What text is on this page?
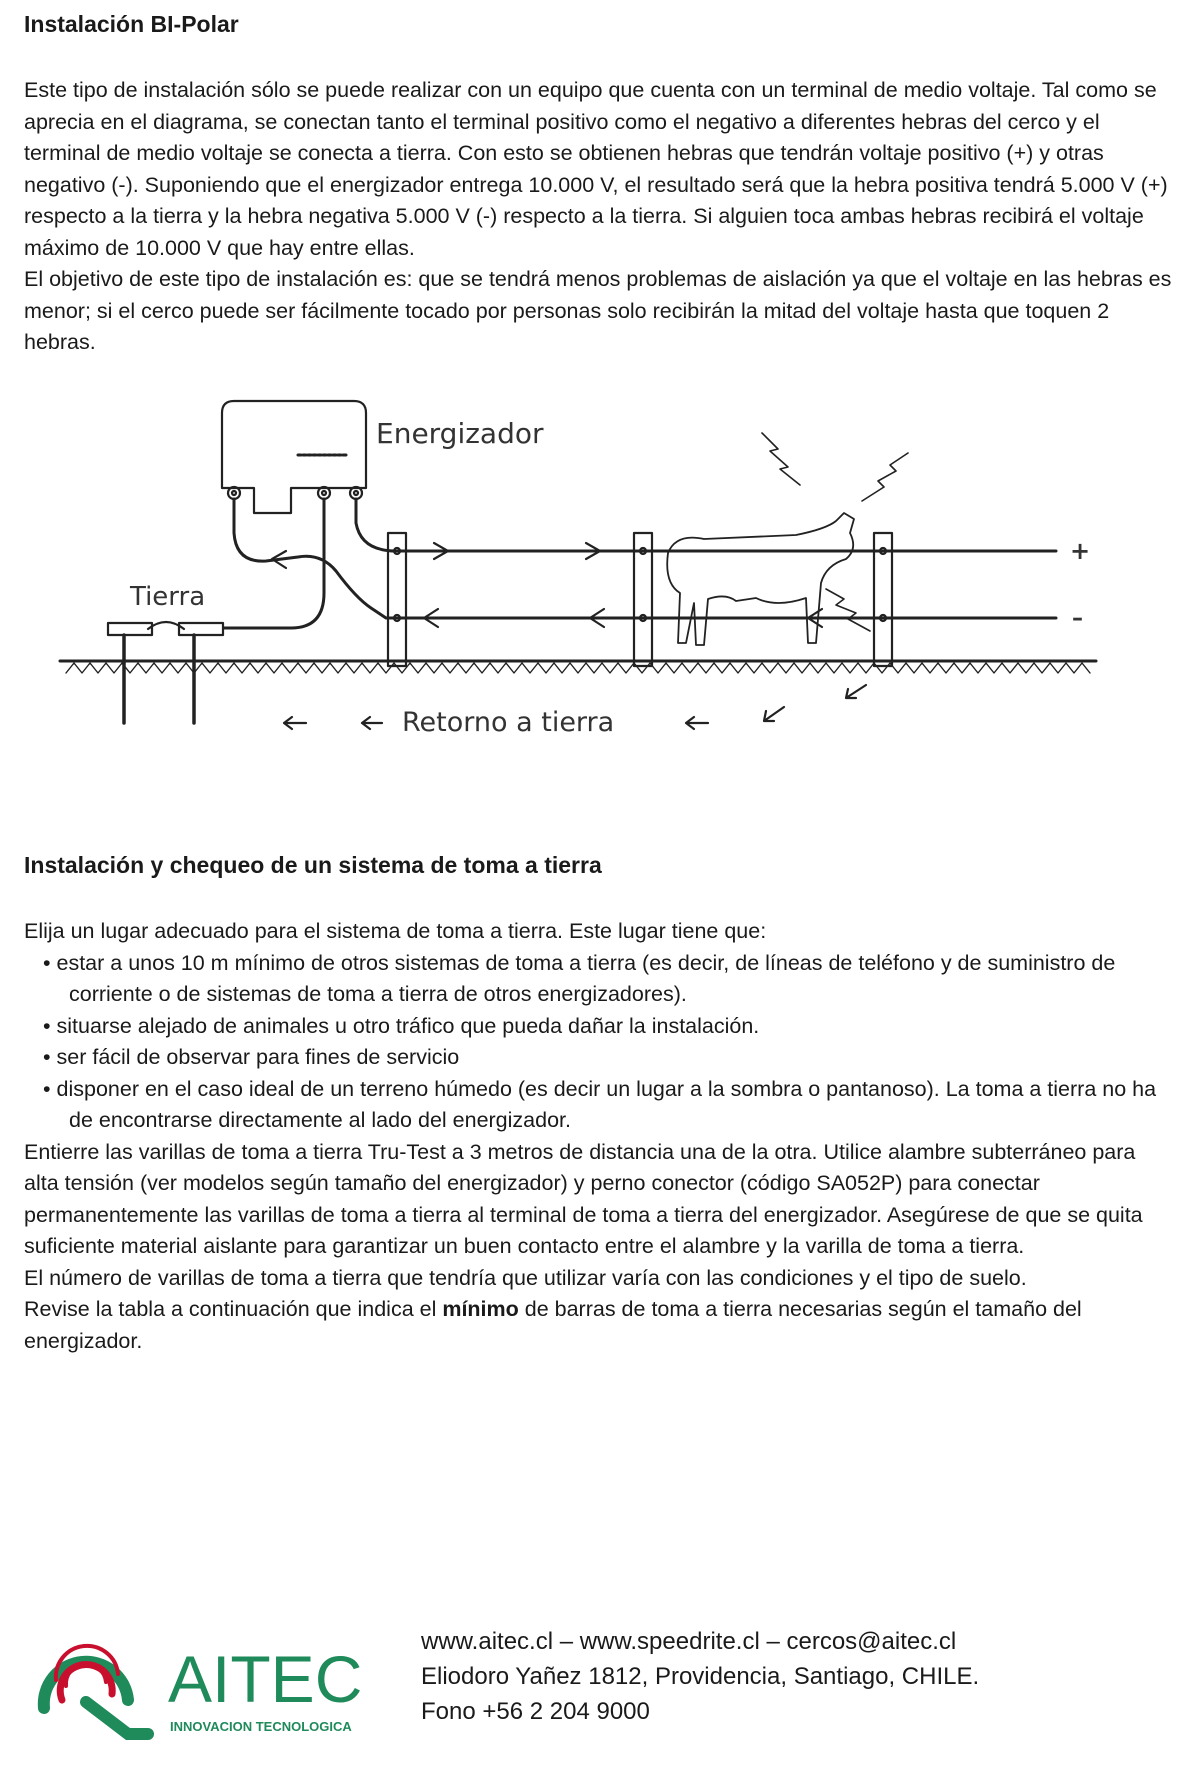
Instalación BI-Polar

Este tipo de instalación sólo se puede realizar con un equipo que cuenta con un terminal de medio voltaje. Tal como se aprecia en el diagrama, se conectan tanto el terminal positivo como el negativo a diferentes hebras del cerco y el terminal de medio voltaje se conecta a tierra. Con esto se obtienen hebras que tendrán voltaje positivo (+) y otras negativo (-). Suponiendo que el energizador entrega 10.000 V, el resultado será que la hebra positiva tendrá 5.000 V (+) respecto a la tierra y la hebra negativa 5.000 V (-) respecto a la tierra. Si alguien toca ambas hebras recibirá el voltaje máximo de 10.000 V que hay entre ellas.

El objetivo de este tipo de instalación es: que se tendrá menos problemas de aislación ya que el voltaje en las hebras es menor; si el cerco puede ser fácilmente tocado por personas solo recibirán la mitad del voltaje hasta que toquen 2 hebras.

Energizador
Tierra
Retorno a tierra
+
–
Instalación y chequeo de un sistema de toma a tierra

Elija un lugar adecuado para el sistema de toma a tierra. Este lugar tiene que:

• estar a unos 10 m mínimo de otros sistemas de toma a tierra (es decir, de líneas de teléfono y de suministro de corriente o de sistemas de toma a tierra de otros energizadores).

• situarse alejado de animales u otro tráfico que pueda dañar la instalación.

• ser fácil de observar para fines de servicio

• disponer en el caso ideal de un terreno húmedo (es decir un lugar a la sombra o pantanoso). La toma a tierra no ha de encontrarse directamente al lado del energizador.

Entierre las varillas de toma a tierra Tru-Test a 3 metros de distancia una de la otra. Utilice alambre subterráneo para alta tensión (ver modelos según tamaño del energizador) y perno conector (código SA052P) para conectar permanentemente las varillas de toma a tierra al terminal de toma a tierra del energizador. Asegúrese de que se quita suficiente material aislante para garantizar un buen contacto entre el alambre y la varilla de toma a tierra.

El número de varillas de toma a tierra que tendría que utilizar varía con las condiciones y el tipo de suelo.

Revise la tabla a continuación que indica el mínimo de barras de toma a tierra necesarias según el tamaño del energizador.

AITEC
INNOVACION TECNOLOGICA
www.aitec.cl – www.speedrite.cl – cercos@aitec.cl
Eliodoro Yañez 1812, Providencia, Santiago, CHILE.
Fono +56 2 204 9000
